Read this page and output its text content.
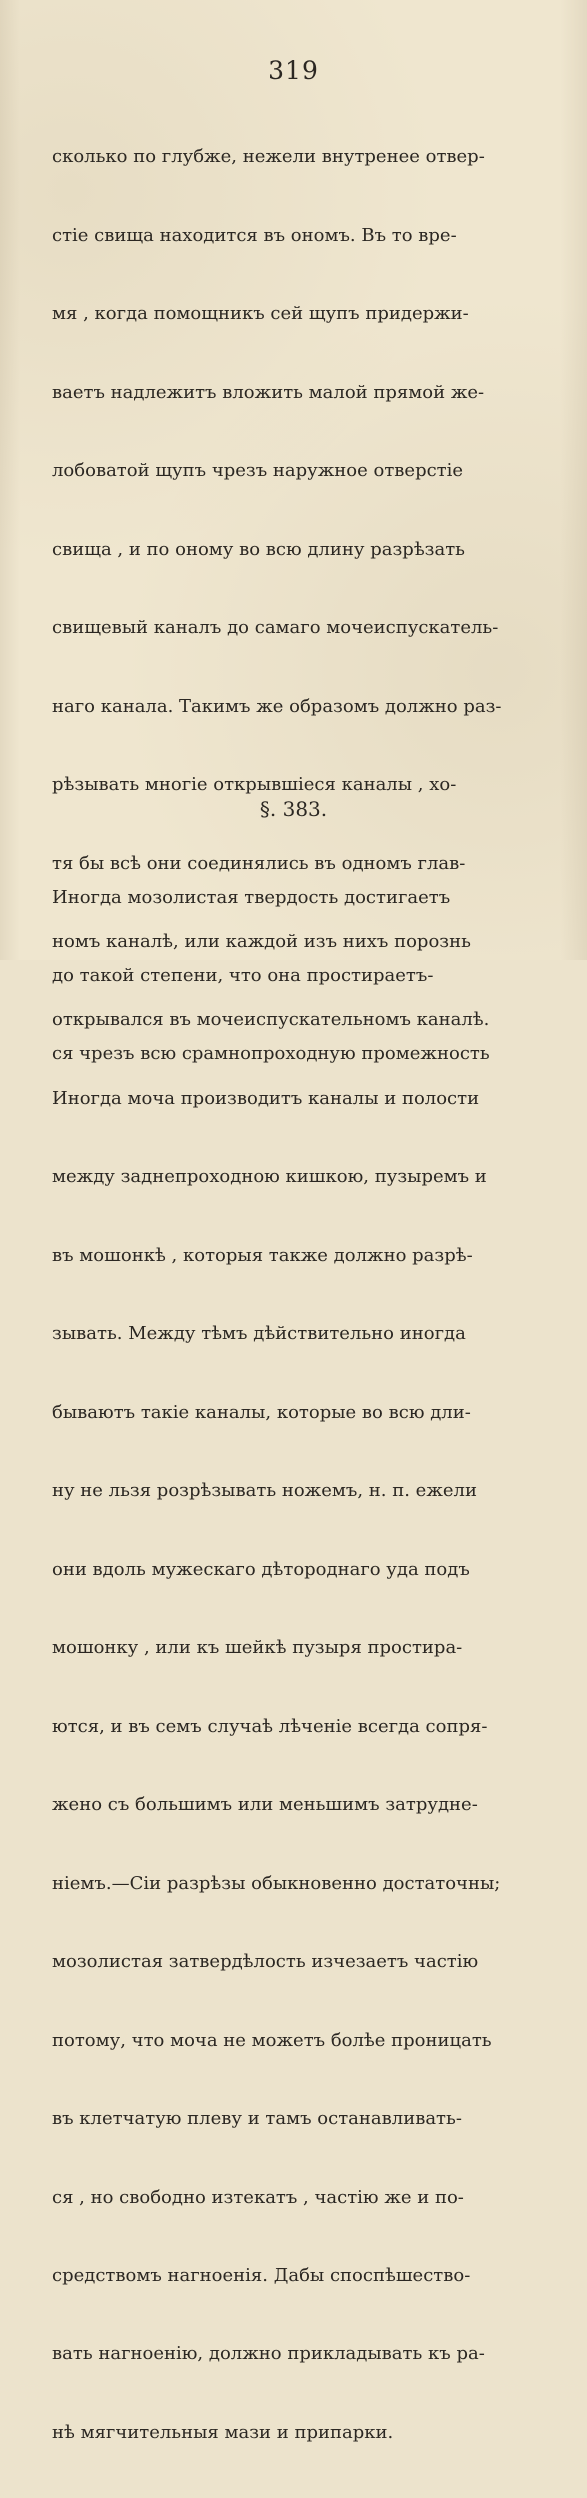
319

сколько по глубже, нежели внутренее отвер-

стіе свища находится въ ономъ. Въ то вре-

мя , когда помощникъ сей щупъ придержи-

ваетъ надлежитъ вложить малой прямой же-

лобоватой щупъ чрезъ наружное отверстіе

свища , и по оному во всю длину разрѣзать

свищевый каналъ до самаго мочеиспускатель-

наго канала. Такимъ же образомъ должно раз-

рѣзывать многіе открывшіеся каналы , хо-

тя бы всѣ они соединялись въ одномъ глав-

номъ каналѣ, или каждой изъ нихъ порознь

открывался въ мочеиспускательномъ каналѣ.

Иногда моча производитъ каналы и полости

между заднепроходною кишкою, пузыремъ и

въ мошонкѣ , которыя также должно разрѣ-

зывать. Между тѣмъ дѣйствительно иногда

бываютъ такіе каналы, которые во всю дли-

ну не льзя розрѣзывать ножемъ, н. п. ежели

они вдоль мужескаго дѣтороднаго уда подъ

мошонку , или къ шейкѣ пузыря простира-

ются, и въ семъ случаѣ лѣченіе всегда сопря-

жено съ большимъ или меньшимъ затрудне-

ніемъ.—Сіи разрѣзы обыкновенно достаточны;

мозолистая затвердѣлость изчезаетъ частію

потому, что моча не можетъ болѣе проницать

въ клетчатую плеву и тамъ останавливать-

ся , но свободно изтекатъ , частію же и по-

средствомъ нагноенія. Дабы споспѣшество-

вать нагноенію, должно прикладывать къ ра-

нѣ мягчительныя мази и припарки.

§. 383.

Иногда мозолистая твердость достигаетъ

до такой степени, что она простираетъ-

ся чрезъ всю срамнопроходную промежность
